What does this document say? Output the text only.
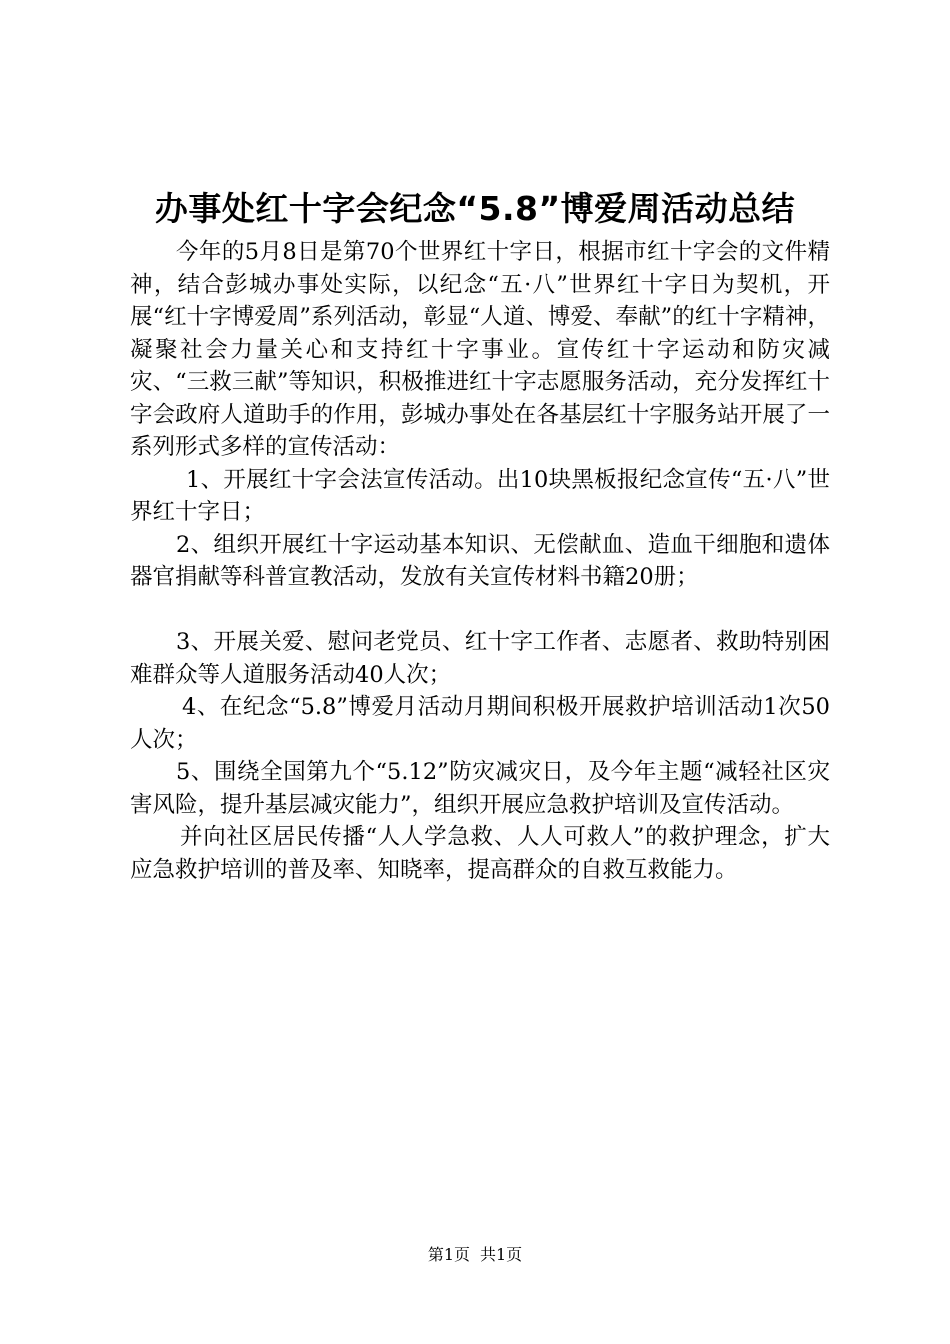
办事处红十字会纪念“5.8”博爱周活动总结

今年的5月8日是第70个世界红十字日，根据市红十字会的文件精神，结合彭城办事处实际，以纪念“五·八”世界红十字日为契机，开展“红十字博爱周”系列活动，彰显“人道、博爱、奉献”的红十字精神，凝聚社会力量关心和支持红十字事业。宣传红十字运动和防灾减灾、“三救三献”等知识，积极推进红十字志愿服务活动，充分发挥红十字会政府人道助手的作用，彭城办事处在各基层红十字服务站开展了一系列形式多样的宣传活动：

1、开展红十字会法宣传活动。出10块黑板报纪念宣传“五·八”世界红十字日；

2、组织开展红十字运动基本知识、无偿献血、造血干细胞和遗体器官捐献等科普宣教活动，发放有关宣传材料书籍20册；

3、开展关爱、慰问老党员、红十字工作者、志愿者、救助特别困难群众等人道服务活动40人次；

4、在纪念“5.8”博爱月活动月期间积极开展救护培训活动1次50人次；

5、围绕全国第九个“5.12”防灾减灾日，及今年主题“减轻社区灾害风险，提升基层减灾能力”，组织开展应急救护培训及宣传活动。

并向社区居民传播“人人学急救、人人可救人”的救护理念，扩大应急救护培训的普及率、知晓率，提高群众的自救互救能力。

第1页 共1页
